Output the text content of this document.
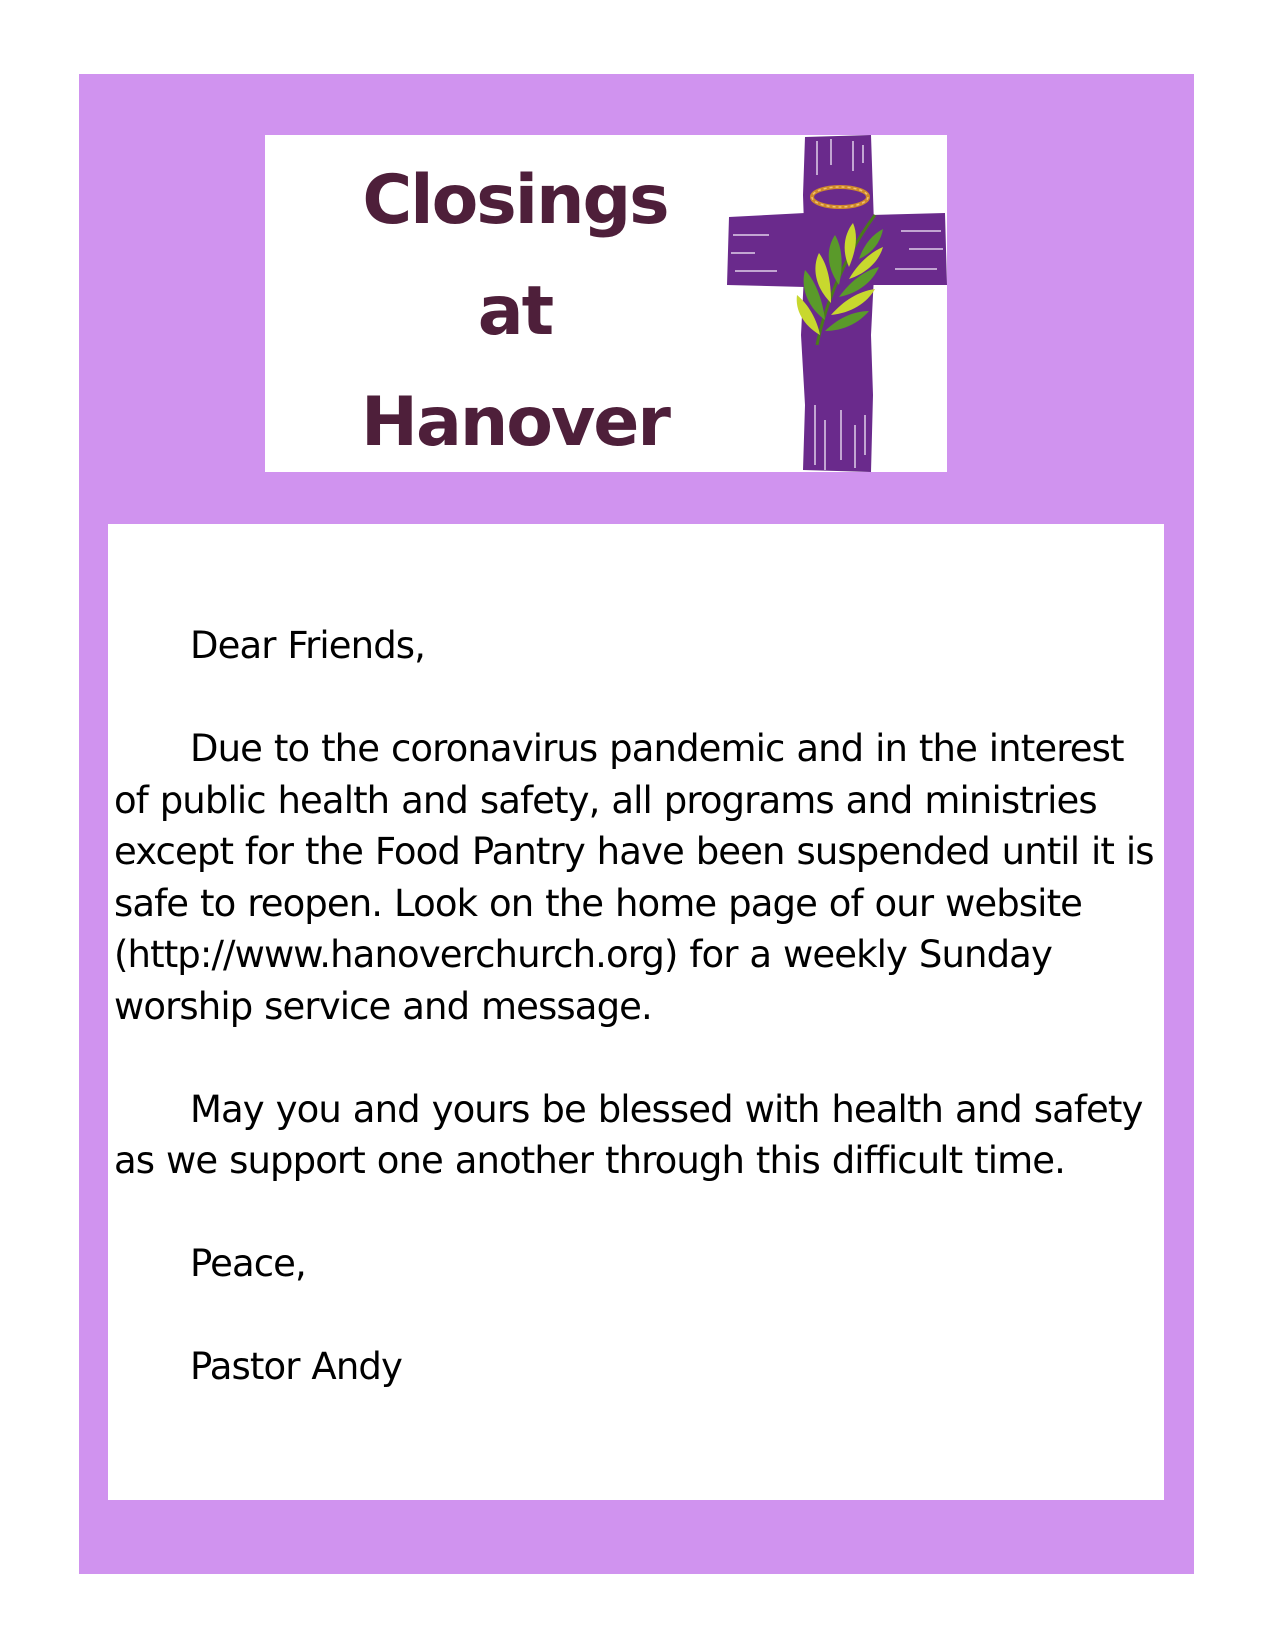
Closings
at
Hanover

Dear Friends,

Due to the coronavirus pandemic and in the interest of public health and safety, all programs and ministries except for the Food Pantry have been suspended until it is safe to reopen. Look on the home page of our website (http://www.hanoverchurch.org) for a weekly Sunday worship service and message.

May you and yours be blessed with health and safety as we support one another through this difficult time.

Peace,

Pastor Andy
